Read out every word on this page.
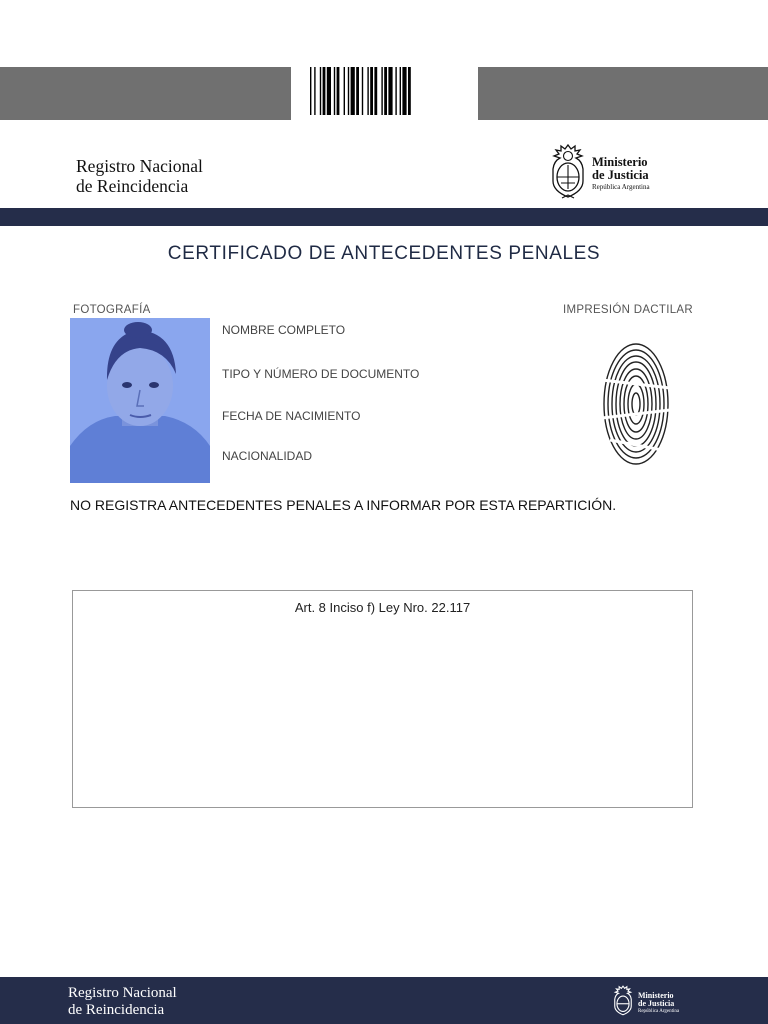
Registro Nacional
de Reincidencia
Ministerio
de Justicia
República Argentina
CERTIFICADO DE ANTECEDENTES PENALES
FOTOGRAFÍA
NOMBRE COMPLETO
TIPO Y NÚMERO DE DOCUMENTO
FECHA DE NACIMIENTO
NACIONALIDAD
IMPRESIÓN DACTILAR
NO REGISTRA ANTECEDENTES PENALES A INFORMAR POR ESTA REPARTICIÓN.
Art. 8 Inciso f) Ley Nro. 22.117
Registro Nacional
de Reincidencia
Ministerio
de Justicia
República Argentina
